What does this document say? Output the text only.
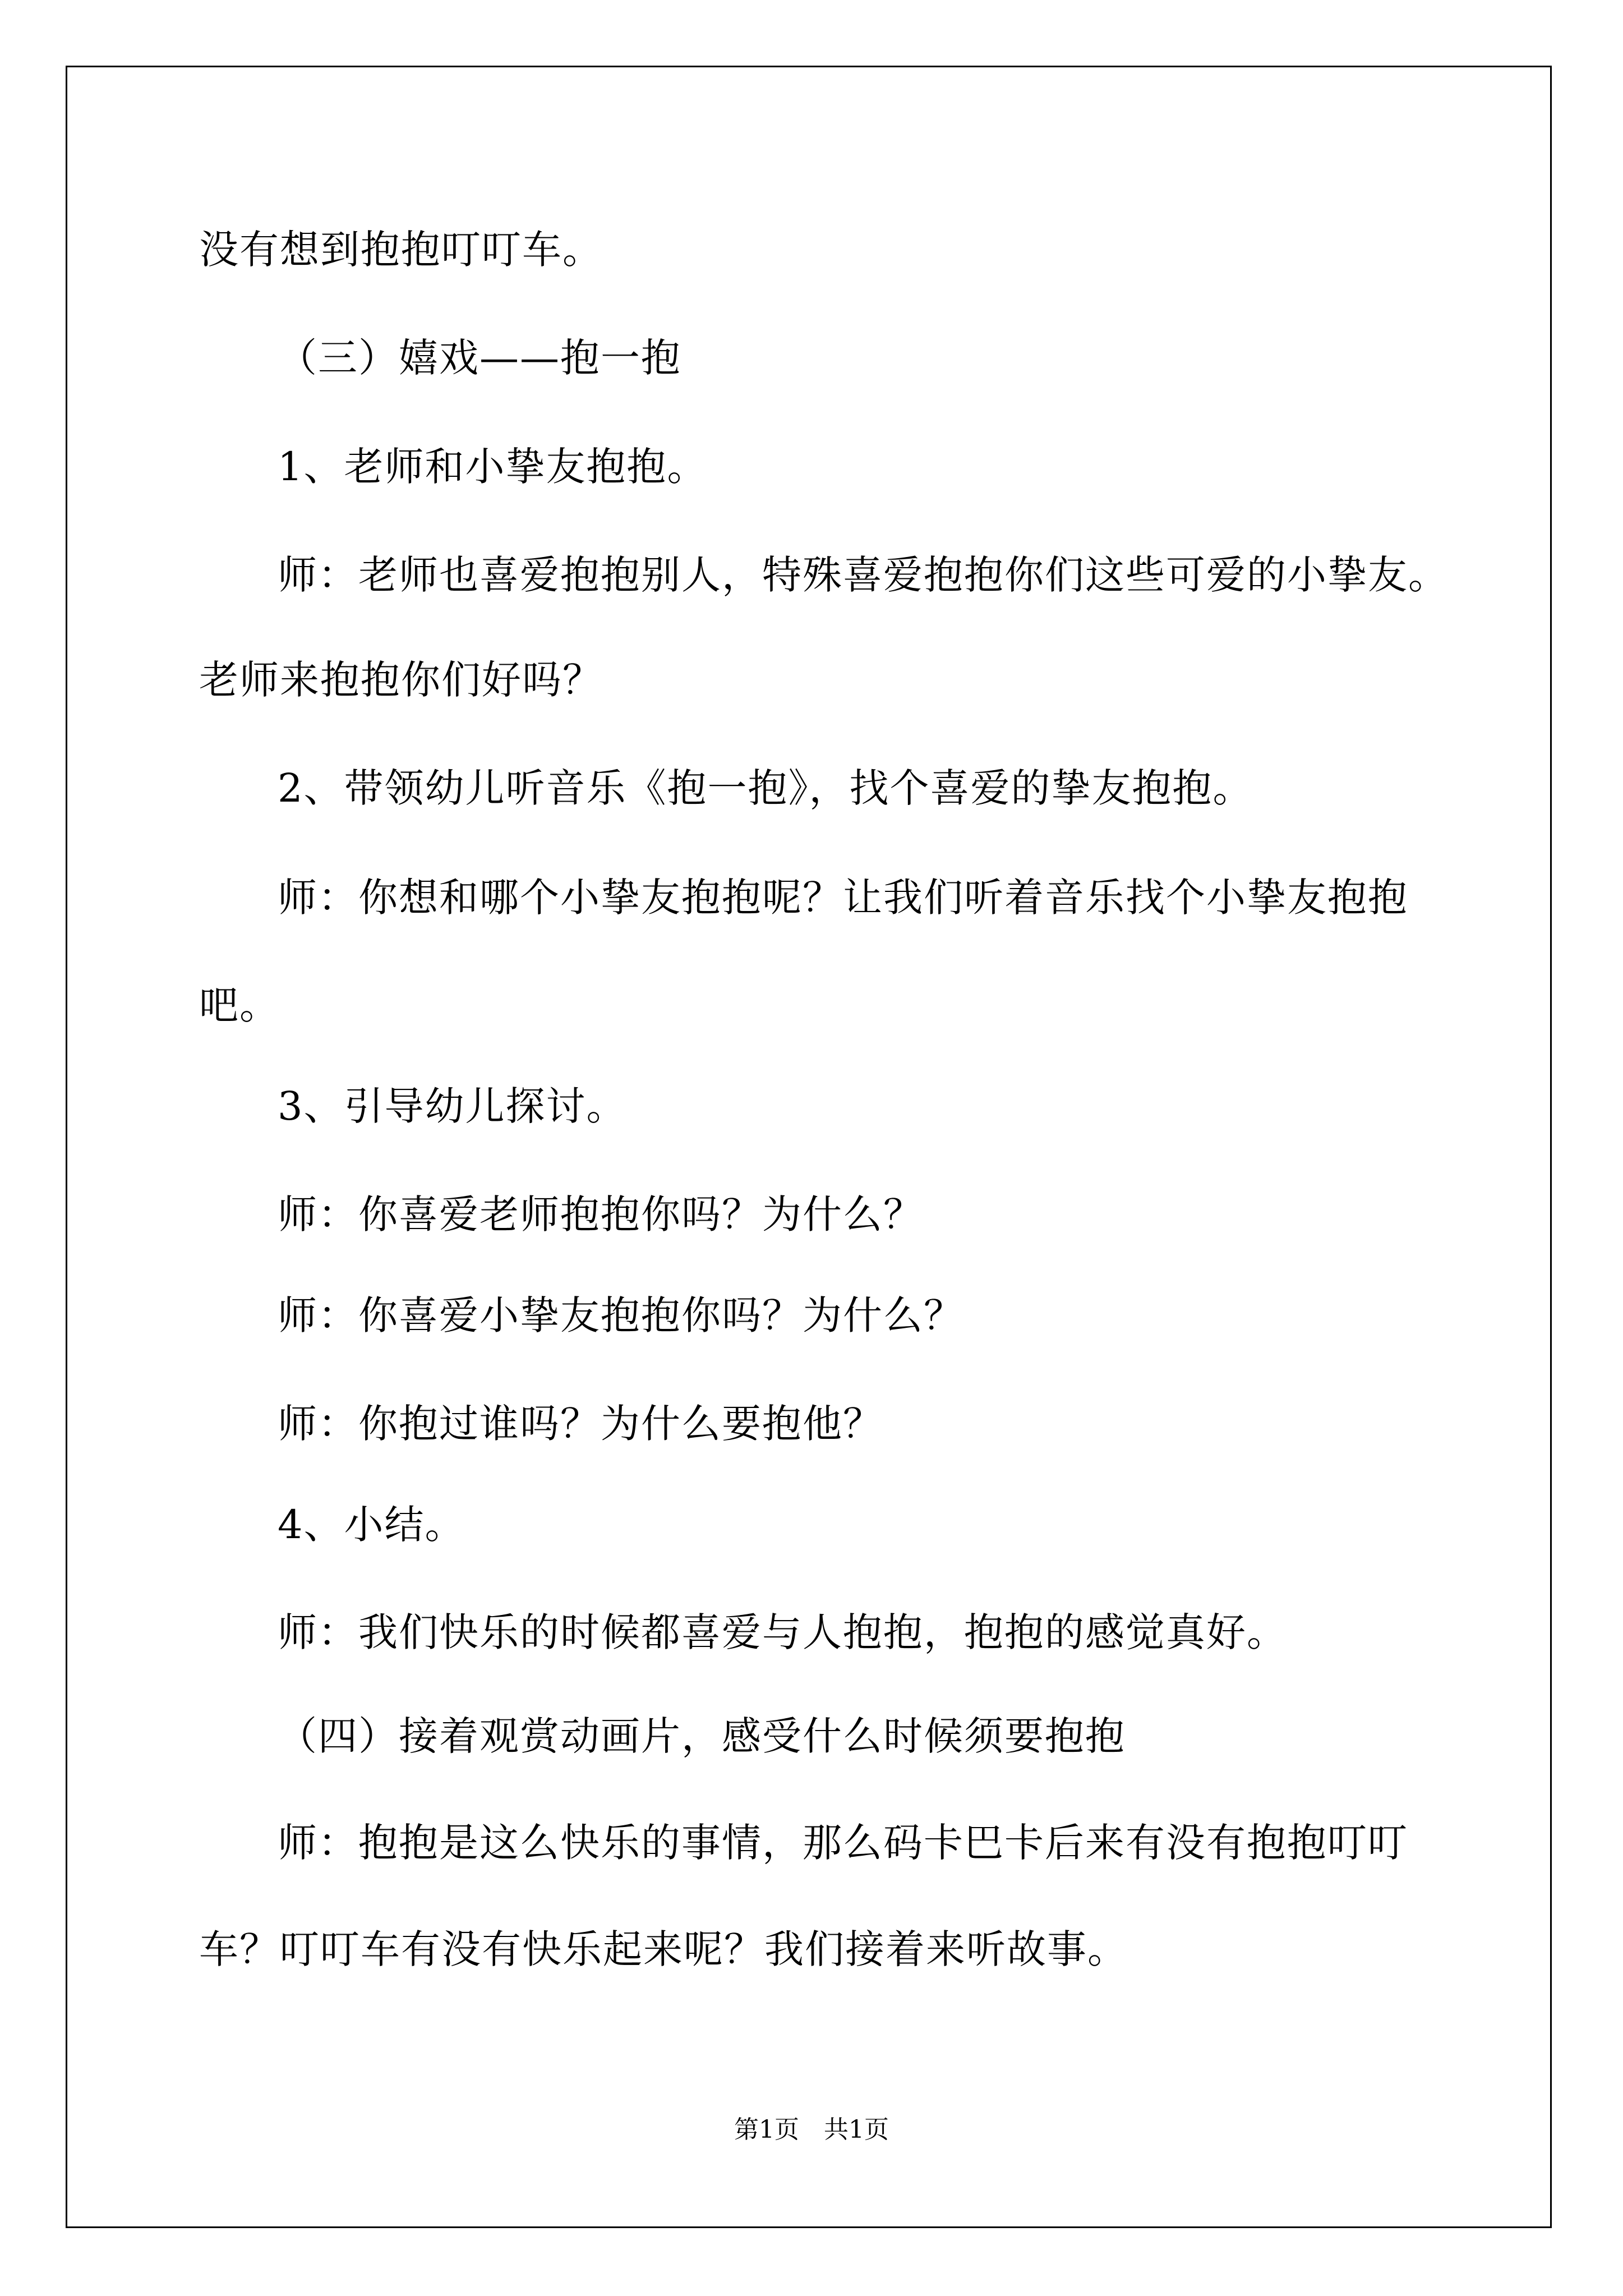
没有想到抱抱叮叮车。
（三）嬉戏——抱一抱
1、老师和小挚友抱抱。
师：老师也喜爱抱抱别人，特殊喜爱抱抱你们这些可爱的小挚友。
老师来抱抱你们好吗？
2、带领幼儿听音乐《抱一抱》，找个喜爱的挚友抱抱。
师：你想和哪个小挚友抱抱呢？让我们听着音乐找个小挚友抱抱
吧。
3、引导幼儿探讨。
师：你喜爱老师抱抱你吗？为什么？
师：你喜爱小挚友抱抱你吗？为什么？
师：你抱过谁吗？为什么要抱他？
4、小结。
师：我们快乐的时候都喜爱与人抱抱，抱抱的感觉真好。
（四）接着观赏动画片，感受什么时候须要抱抱
师：抱抱是这么快乐的事情，那么码卡巴卡后来有没有抱抱叮叮
车？叮叮车有没有快乐起来呢？我们接着来听故事。
第1页　共1页
